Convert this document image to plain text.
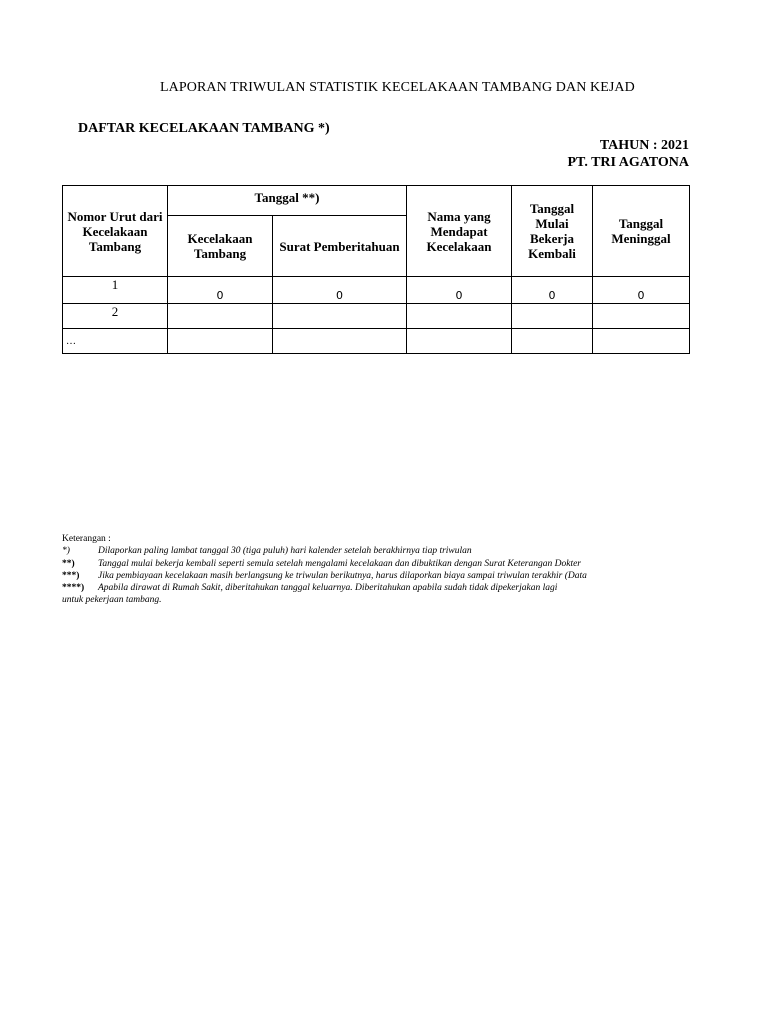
LAPORAN TRIWULAN STATISTIK KECELAKAAN TAMBANG DAN KEJAD
DAFTAR KECELAKAAN TAMBANG *)
TAHUN : 2021
PT. TRI AGATONA
Nomor Urut dari Kecelakaan Tambang	Tanggal **)		Nama yang Mendapat Kecelakaan	Tanggal Mulai Bekerja Kembali	Tanggal Meninggal
	Kecelakaan Tambang	Surat Pemberitahuan			
1	0	0	0	0	0
2					
…					
Keterangan :
*)	Dilaporkan paling lambat tanggal 30 (tiga puluh) hari kalender setelah berakhirnya tiap triwulan
**) Tanggal mulai bekerja kembali seperti semula setelah mengalami kecelakaan dan dibuktikan dengan Surat Keterangan Dokter
***) Jika pembiayaan kecelakaan masih berlangsung ke triwulan berikutnya, harus dilaporkan biaya sampai triwulan terakhir (Data
****) Apabila dirawat di Rumah Sakit, diberitahukan tanggal keluarnya. Diberitahukan apabila sudah tidak dipekerjakan lagi
untuk pekerjaan tambang.
